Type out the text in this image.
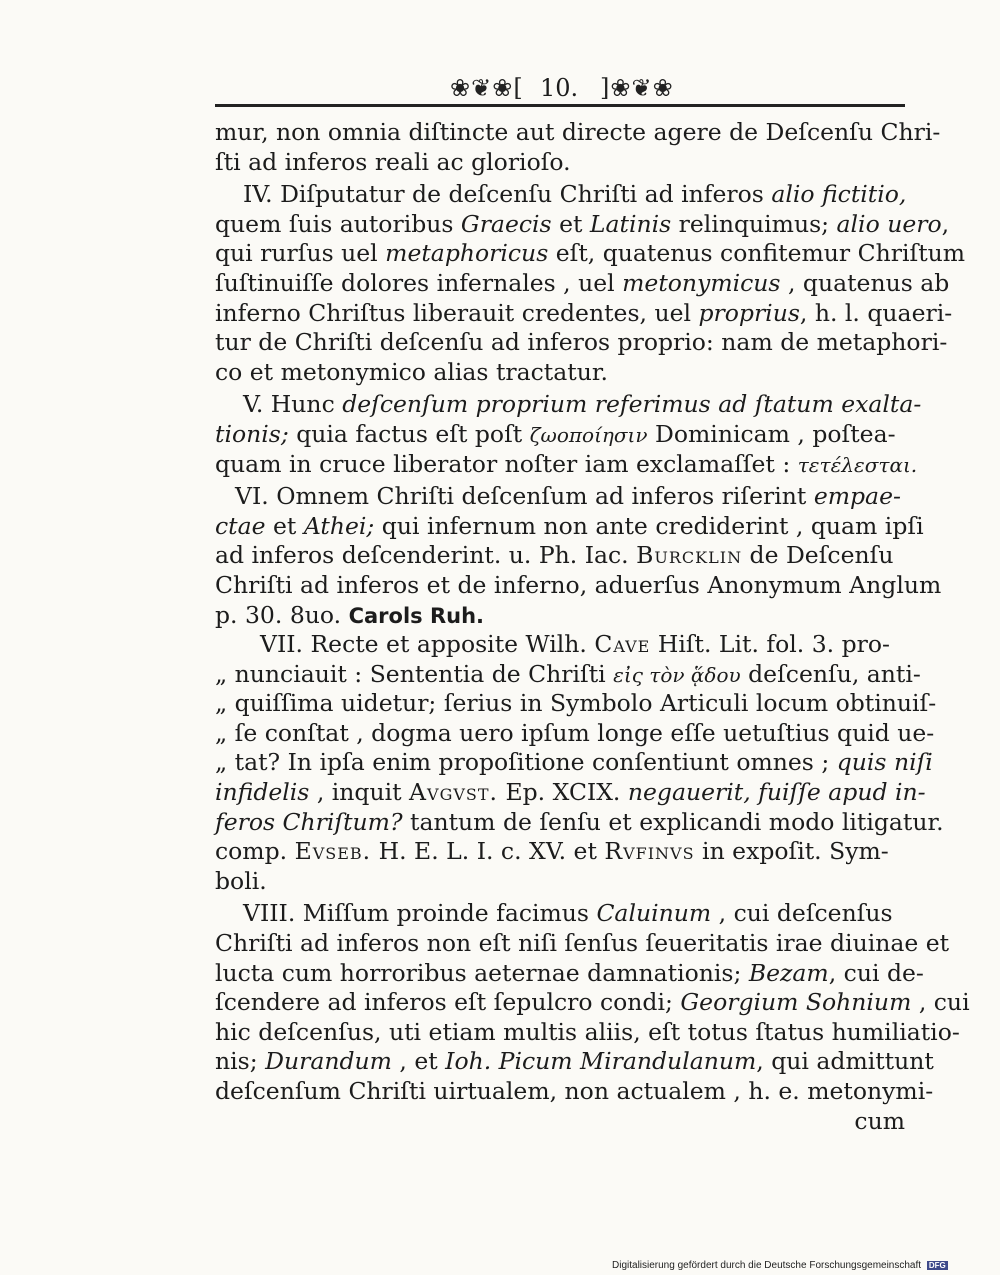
❀❦❀[ 10. ]❀❦❀
mur, non omnia diſtincte aut directe agere de Deſcenſu Chri-
ſti ad inferos reali ac glorioſo.
IV. Diſputatur de deſcenſu Chriſti ad inferos alio fictitio,
quem ſuis autoribus Graecis et Latinis relinquimus; alio uero,
qui rurſus uel metaphoricus eſt, quatenus confitemur Chriſtum
ſuſtinuiſſe dolores infernales , uel metonymicus , quatenus ab
inferno Chriſtus liberauit credentes, uel proprius, h. l. quaeri-
tur de Chriſti deſcenſu ad inferos proprio: nam de metaphori-
co et metonymico alias tractatur.
V. Hunc deſcenſum proprium referimus ad ſtatum exalta-
tionis; quia factus eſt poſt ζωοποίησιν Dominicam , poſtea-
quam in cruce liberator noſter iam exclamaſſet : τετέλεσται.
VI. Omnem Chriſti deſcenſum ad inferos riſerint empae-
ctae et Athei; qui infernum non ante crediderint , quam ipſi
ad inferos deſcenderint. u. Ph. Iac. Burcklin de Deſcenſu
Chriſti ad inferos et de inferno, aduerſus Anonymum Anglum
p. 30. 8uo. Carols Ruh.
VII. Recte et apposite Wilh. Cave Hiſt. Lit. fol. 3. pro-
„ nunciauit : Sententia de Chriſti εἰς τὸν ᾅδου deſcenſu, anti-
„ quiſſima uidetur; ſerius in Symbolo Articuli locum obtinuiſ-
„ ſe conſtat , dogma uero ipſum longe eſſe uetuſtius quid ue-
„ tat? In ipſa enim propoſitione conſentiunt omnes ; quis niſi
infidelis , inquit Avgvst. Ep. XCIX. negauerit, fuiſſe apud in-
feros Chriſtum? tantum de ſenſu et explicandi modo litigatur.
comp. Evseb. H. E. L. I. c. XV. et Rvfinvs in expoſit. Sym-
boli.
VIII. Miſſum proinde facimus Caluinum , cui deſcenſus
Chriſti ad inferos non eſt niſi ſenſus ſeueritatis irae diuinae et
lucta cum horroribus aeternae damnationis; Bezam, cui de-
ſcendere ad inferos eſt ſepulcro condi; Georgium Sohnium , cui
hic deſcenſus, uti etiam multis aliis, eſt totus ſtatus humiliatio-
nis; Durandum , et Ioh. Picum Mirandulanum, qui admittunt
deſcenſum Chriſti uirtualem, non actualem , h. e. metonymi-
cum
Digitalisierung gefördert durch die Deutsche Forschungsgemeinschaft DFG
